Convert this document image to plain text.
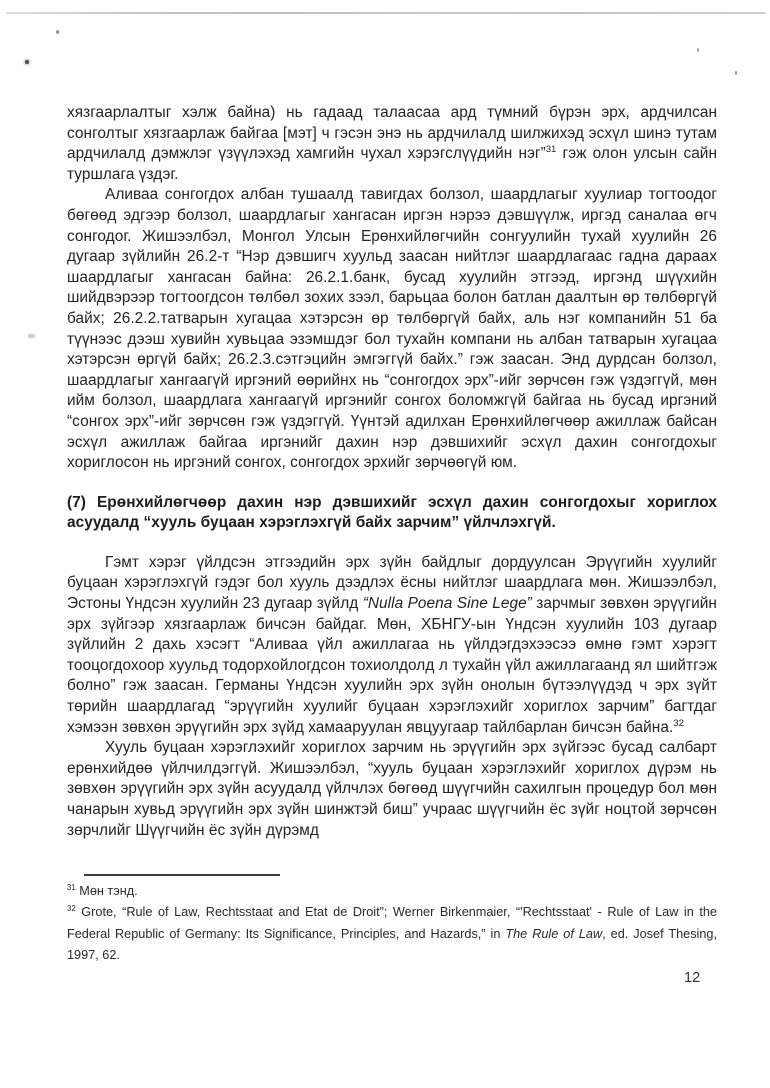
хязгаарлалтыг хэлж байна) нь гадаад талаасаа ард түмний бүрэн эрх, ардчилсан сонголтыг хязгаарлаж байгаа [мэт] ч гэсэн энэ нь ардчилалд шилжихэд эсхүл шинэ тутам ардчилалд дэмжлэг үзүүлэхэд хамгийн чухал хэрэгслүүдийн нэг”$^{31}$ гэж олон улсын сайн туршлага үздэг.

Аливаа сонгогдох албан тушаалд тавигдах болзол, шаардлагыг хуулиар тогтоодог бөгөөд эдгээр болзол, шаардлагыг хангасан иргэн нэрээ дэвшүүлж, иргэд саналаа өгч сонгодог. Жишээлбэл, Монгол Улсын Ерөнхийлөгчийн сонгуулийн тухай хуулийн 26 дугаар зүйлийн 26.2-т “Нэр дэвшигч хуульд заасан нийтлэг шаардлагаас гадна дараах шаардлагыг хангасан байна: 26.2.1.банк, бусад хуулийн этгээд, иргэнд шүүхийн шийдвэрээр тогтоогдсон төлбөл зохих зээл, барьцаа болон батлан даалтын өр төлбөргүй байх; 26.2.2.татварын хугацаа хэтэрсэн өр төлбөргүй байх, аль нэг компанийн 51 ба түүнээс дээш хувийн хувьцаа эзэмшдэг бол тухайн компани нь албан татварын хугацаа хэтэрсэн өргүй байх; 26.2.3.сэтгэцийн эмгэггүй байх.” гэж заасан. Энд дурдсан болзол, шаардлагыг хангаагүй иргэний өөрийнх нь “сонгогдох эрх”-ийг зөрчсөн гэж үздэггүй, мөн ийм болзол, шаардлага хангаагүй иргэнийг сонгох боломжгүй байгаа нь бусад иргэний “сонгох эрх”-ийг зөрчсөн гэж үздэггүй. Үүнтэй адилхан Ерөнхийлөгчөөр ажиллаж байсан эсхүл ажиллаж байгаа иргэнийг дахин нэр дэвшихийг эсхүл дахин сонгогдохыг хориглосон нь иргэний сонгох, сонгогдох эрхийг зөрчөөгүй юм.

(7) Ерөнхийлөгчөөр дахин нэр дэвшихийг эсхүл дахин сонгогдохыг хориглох асуудалд “хууль буцаан хэрэглэхгүй байх зарчим” үйлчлэхгүй.

Гэмт хэрэг үйлдсэн этгээдийн эрх зүйн байдлыг дордуулсан Эрүүгийн хуулийг буцаан хэрэглэхгүй гэдэг бол хууль дээдлэх ёсны нийтлэг шаардлага мөн. Жишээлбэл, Эстоны Үндсэн хуулийн 23 дугаар зүйлд “Nulla Poena Sine Lege” зарчмыг зөвхөн эрүүгийн эрх зүйгээр хязгаарлаж бичсэн байдаг. Мөн, ХБНГУ-ын Үндсэн хуулийн 103 дугаар зүйлийн 2 дахь хэсэгт “Аливаа үйл ажиллагаа нь үйлдэгдэхээсээ өмнө гэмт хэрэгт тооцогдохоор хуульд тодорхойлогдсон тохиолдолд л тухайн үйл ажиллагаанд ял шийтгэж болно” гэж заасан. Германы Үндсэн хуулийн эрх зүйн онолын бүтээлүүдэд ч эрх зүйт төрийн шаардлагад “эрүүгийн хуулийг буцаан хэрэглэхийг хориглох зарчим” багтдаг хэмээн зөвхөн эрүүгийн эрх зүйд хамааруулан явцуугаар тайлбарлан бичсэн байна.$^{32}$

Хууль буцаан хэрэглэхийг хориглох зарчим нь эрүүгийн эрх зүйгээс бусад салбарт ерөнхийдөө үйлчилдэггүй. Жишээлбэл, “хууль буцаан хэрэглэхийг хориглох дүрэм нь зөвхөн эрүүгийн эрх зүйн асуудалд үйлчлэх бөгөөд шүүгчийн сахилгын процедур бол мөн чанарын хувьд эрүүгийн эрх зүйн шинжтэй биш” учраас шүүгчийн ёс зүйг ноцтой зөрчсөн зөрчлийг Шүүгчийн ёс зүйн дүрэмд

$^{31}$ Мөн тэнд.

$^{32}$ Grote, “Rule of Law, Rechtsstaat and Etat de Droit”; Werner Birkenmaier, “'Rechtsstaat' - Rule of Law in the Federal Republic of Germany: Its Significance, Principles, and Hazards,” in The Rule of Law, ed. Josef Thesing, 1997, 62.

12
